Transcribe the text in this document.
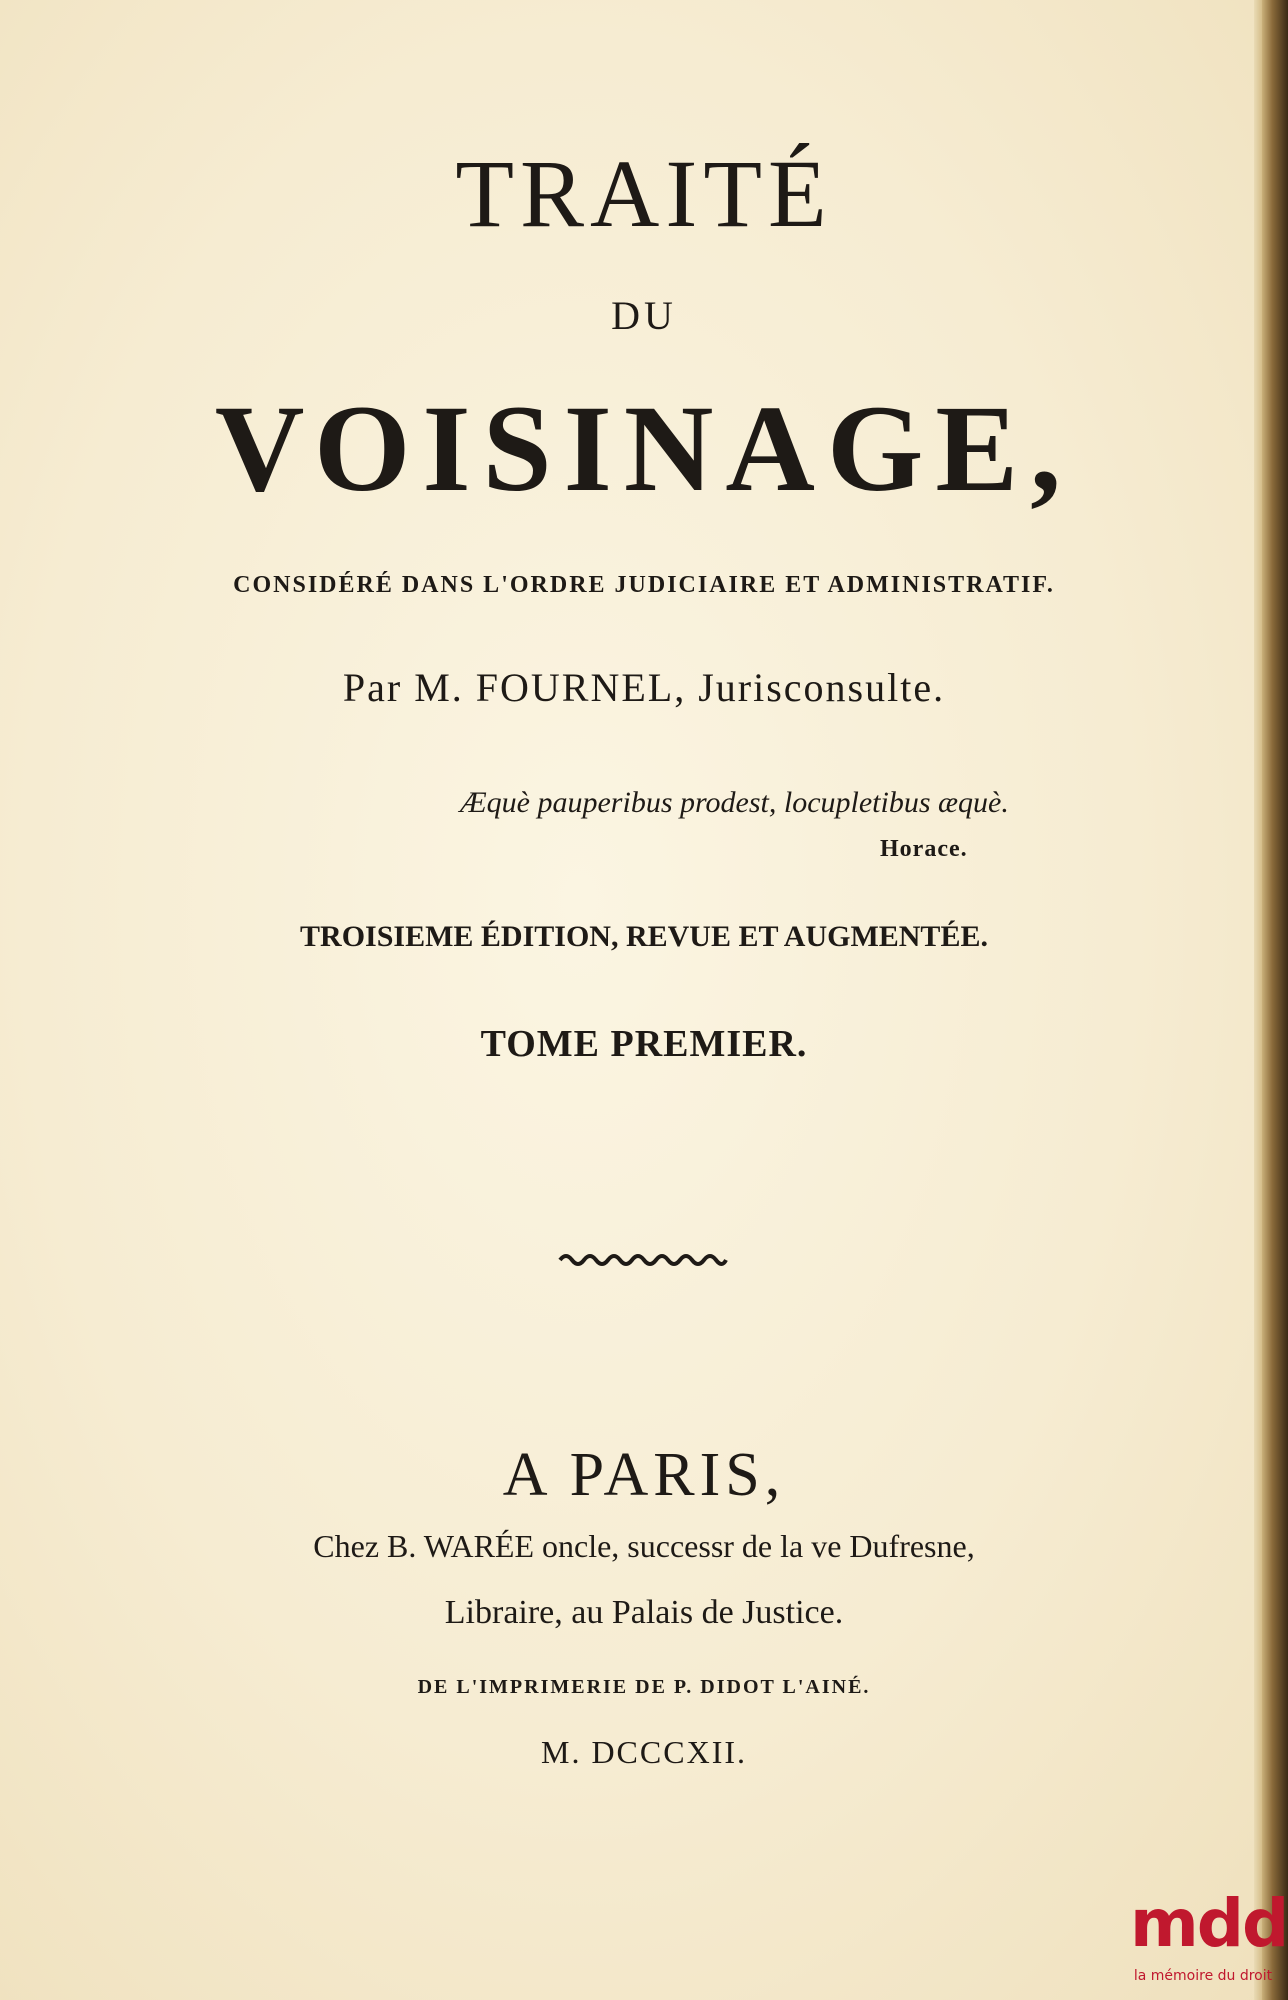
TRAITÉ
DU
VOISINAGE,
CONSIDÉRÉ DANS L'ORDRE JUDICIAIRE ET ADMINISTRATIF.
Par M. FOURNEL, Jurisconsulte.
Æquè pauperibus prodest, locupletibus æquè.
Horace.
TROISIEME ÉDITION, REVUE ET AUGMENTÉE.
TOME PREMIER.
A PARIS,
Chez B. WARÉE oncle, successr de la ve Dufresne,
Libraire, au Palais de Justice.
DE L'IMPRIMERIE DE P. DIDOT L'AINÉ.
M. DCCCXII.
mdd
la mémoire du droit
